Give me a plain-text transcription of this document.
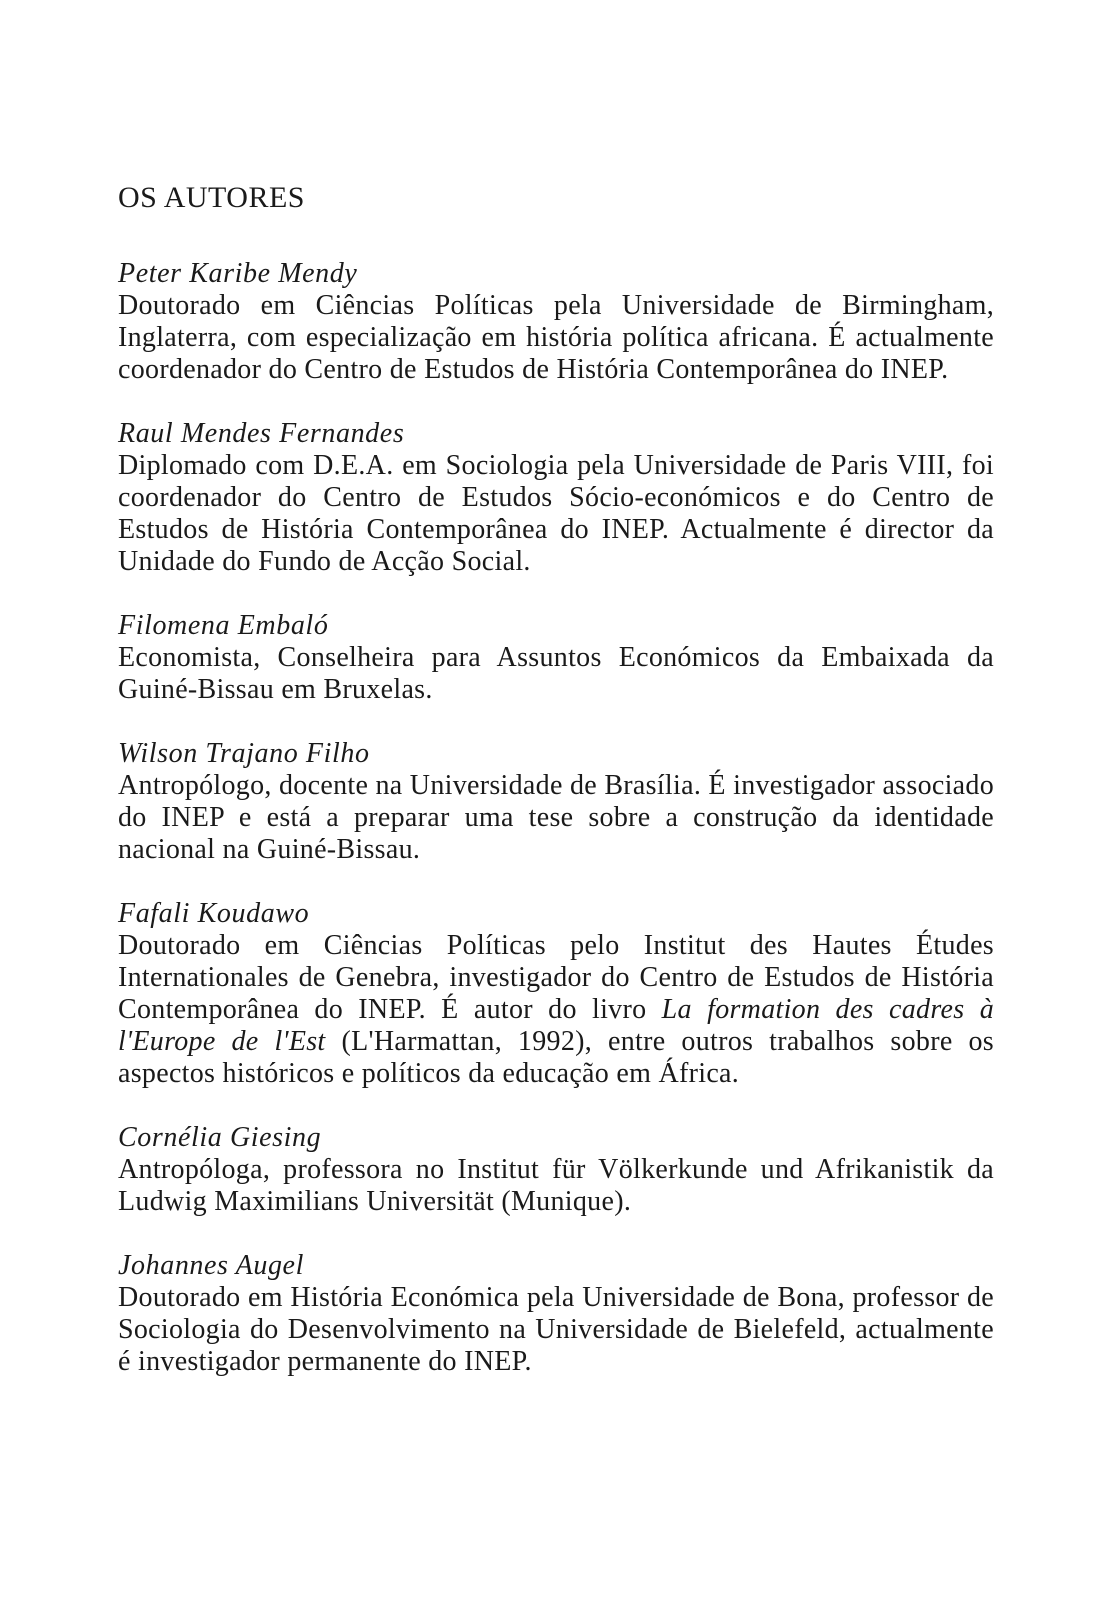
OS AUTORES

Peter Karibe Mendy

Doutorado em Ciências Políticas pela Universidade de Birmingham, Inglaterra, com especialização em história política africana. É actualmente coordenador do Centro de Estudos de História Contemporânea do INEP.

Raul Mendes Fernandes

Diplomado com D.E.A. em Sociologia pela Universidade de Paris VIII, foi coordenador do Centro de Estudos Sócio-económicos e do Centro de Estudos de História Contemporânea do INEP. Actualmente é director da Unidade do Fundo de Acção Social.

Filomena Embaló

Economista, Conselheira para Assuntos Económicos da Embaixada da Guiné-Bissau em Bruxelas.

Wilson Trajano Filho

Antropólogo, docente na Universidade de Brasília. É investigador associado do INEP e está a preparar uma tese sobre a construção da identidade nacional na Guiné-Bissau.

Fafali Koudawo

Doutorado em Ciências Políticas pelo Institut des Hautes Études Internationales de Genebra, investigador do Centro de Estudos de História Contemporânea do INEP. É autor do livro La formation des cadres à l'Europe de l'Est (L'Harmattan, 1992), entre outros trabalhos sobre os aspectos históricos e políticos da educação em África.

Cornélia Giesing

Antropóloga, professora no Institut für Völkerkunde und Afrikanistik da Ludwig Maximilians Universität (Munique).

Johannes Augel

Doutorado em História Económica pela Universidade de Bona, professor de Sociologia do Desenvolvimento na Universidade de Bielefeld, actualmente é investigador permanente do INEP.
